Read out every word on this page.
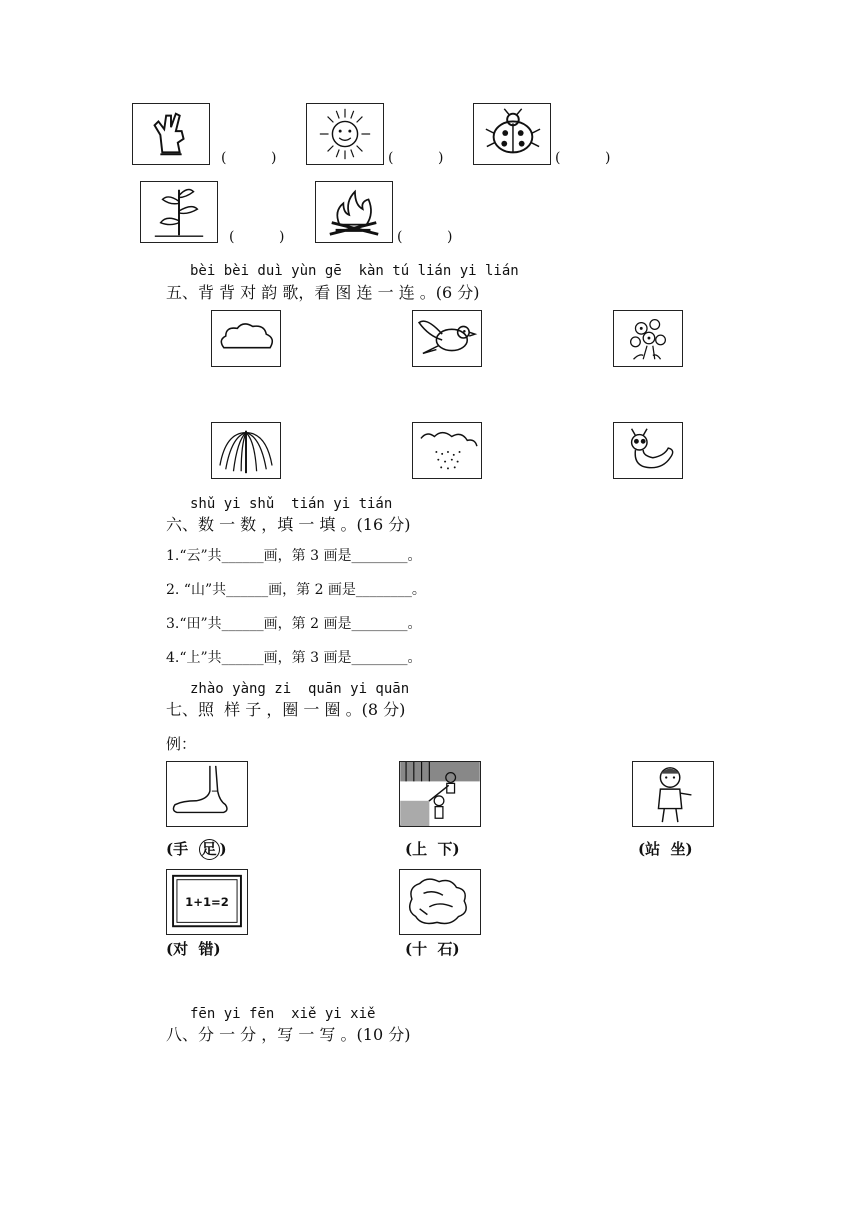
(          )	(          )	(          )
(          )	(          )
bèi bèi duì yùn gē  kàn tú lián yi lián
五、背 背 对 韵 歌，看 图 连 一 连 。(6 分)
shǔ yi shǔ  tián yi tián
六、数 一 数 ，填 一 填 。(16 分)
1.“云”共______画，第 3 画是________。
2. “山”共______画，第 2 画是________。
3.“田”共______画，第 2 画是________。
4.“上”共______画，第 3 画是________。
zhào yàng zi  quān yi quān
七、照  样 子 ，圈 一 圈 。(8 分)
例：
(手  足 )	(上  下)	(站  坐)
1+1=2
(对  错)	(十  石)
fēn yi fēn  xiě yi xiě
八、分 一 分 ，写 一 写 。(10 分)
